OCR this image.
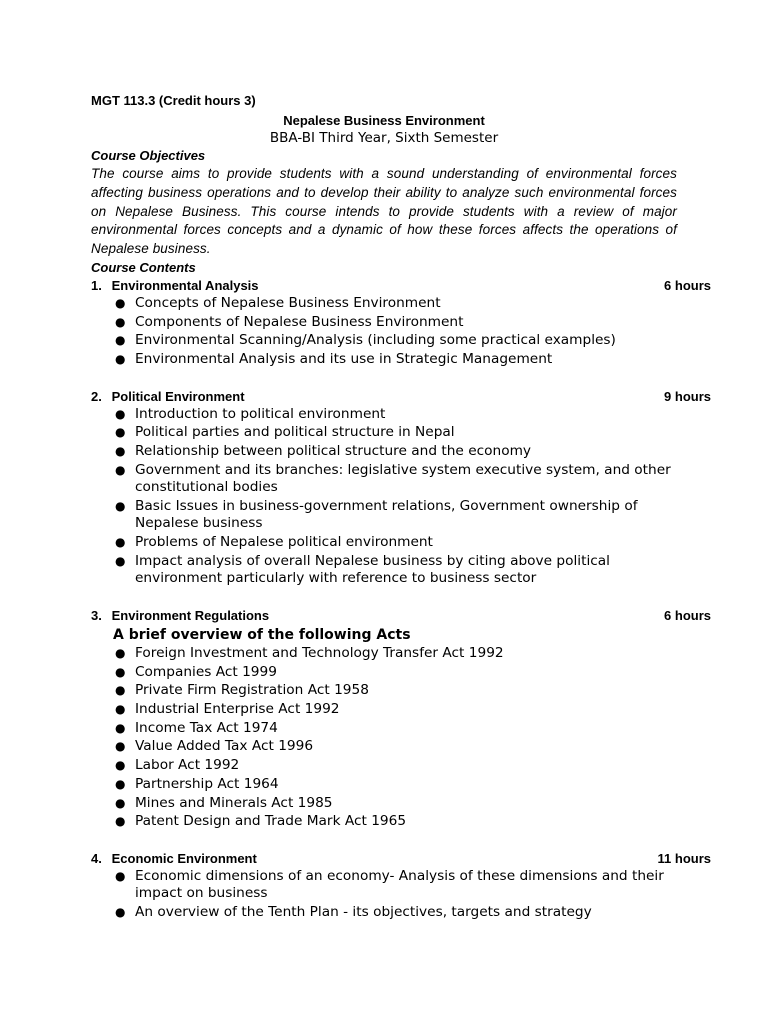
MGT 113.3 (Credit hours 3)
Nepalese Business Environment
BBA-BI Third Year, Sixth Semester
Course Objectives
The course aims to provide students with a sound understanding of environmental forces affecting business operations and to develop their ability to analyze such environmental forces on Nepalese Business. This course intends to provide students with a review of major environmental forces concepts and a dynamic of how these forces affects the operations of Nepalese business.
Course Contents
1. Environmental Analysis	6 hours
● Concepts of Nepalese Business Environment
● Components of Nepalese Business Environment
● Environmental Scanning/Analysis (including some practical examples)
● Environmental Analysis and its use in Strategic Management
2. Political Environment	9 hours
● Introduction to political environment
● Political parties and political structure in Nepal
● Relationship between political structure and the economy
● Government and its branches: legislative system executive system, and other constitutional bodies
● Basic Issues in business-government relations, Government ownership of Nepalese business
● Problems of Nepalese political environment
● Impact analysis of overall Nepalese business by citing above political environment particularly with reference to business sector
3. Environment Regulations	6 hours
A brief overview of the following Acts
● Foreign Investment and Technology Transfer Act 1992
● Companies Act 1999
● Private Firm Registration Act 1958
● Industrial Enterprise Act 1992
● Income Tax Act 1974
● Value Added Tax Act 1996
● Labor Act 1992
● Partnership Act 1964
● Mines and Minerals Act 1985
● Patent Design and Trade Mark Act 1965
4. Economic Environment	11 hours
● Economic dimensions of an economy- Analysis of these dimensions and their impact on business
● An overview of the Tenth Plan - its objectives, targets and strategy
